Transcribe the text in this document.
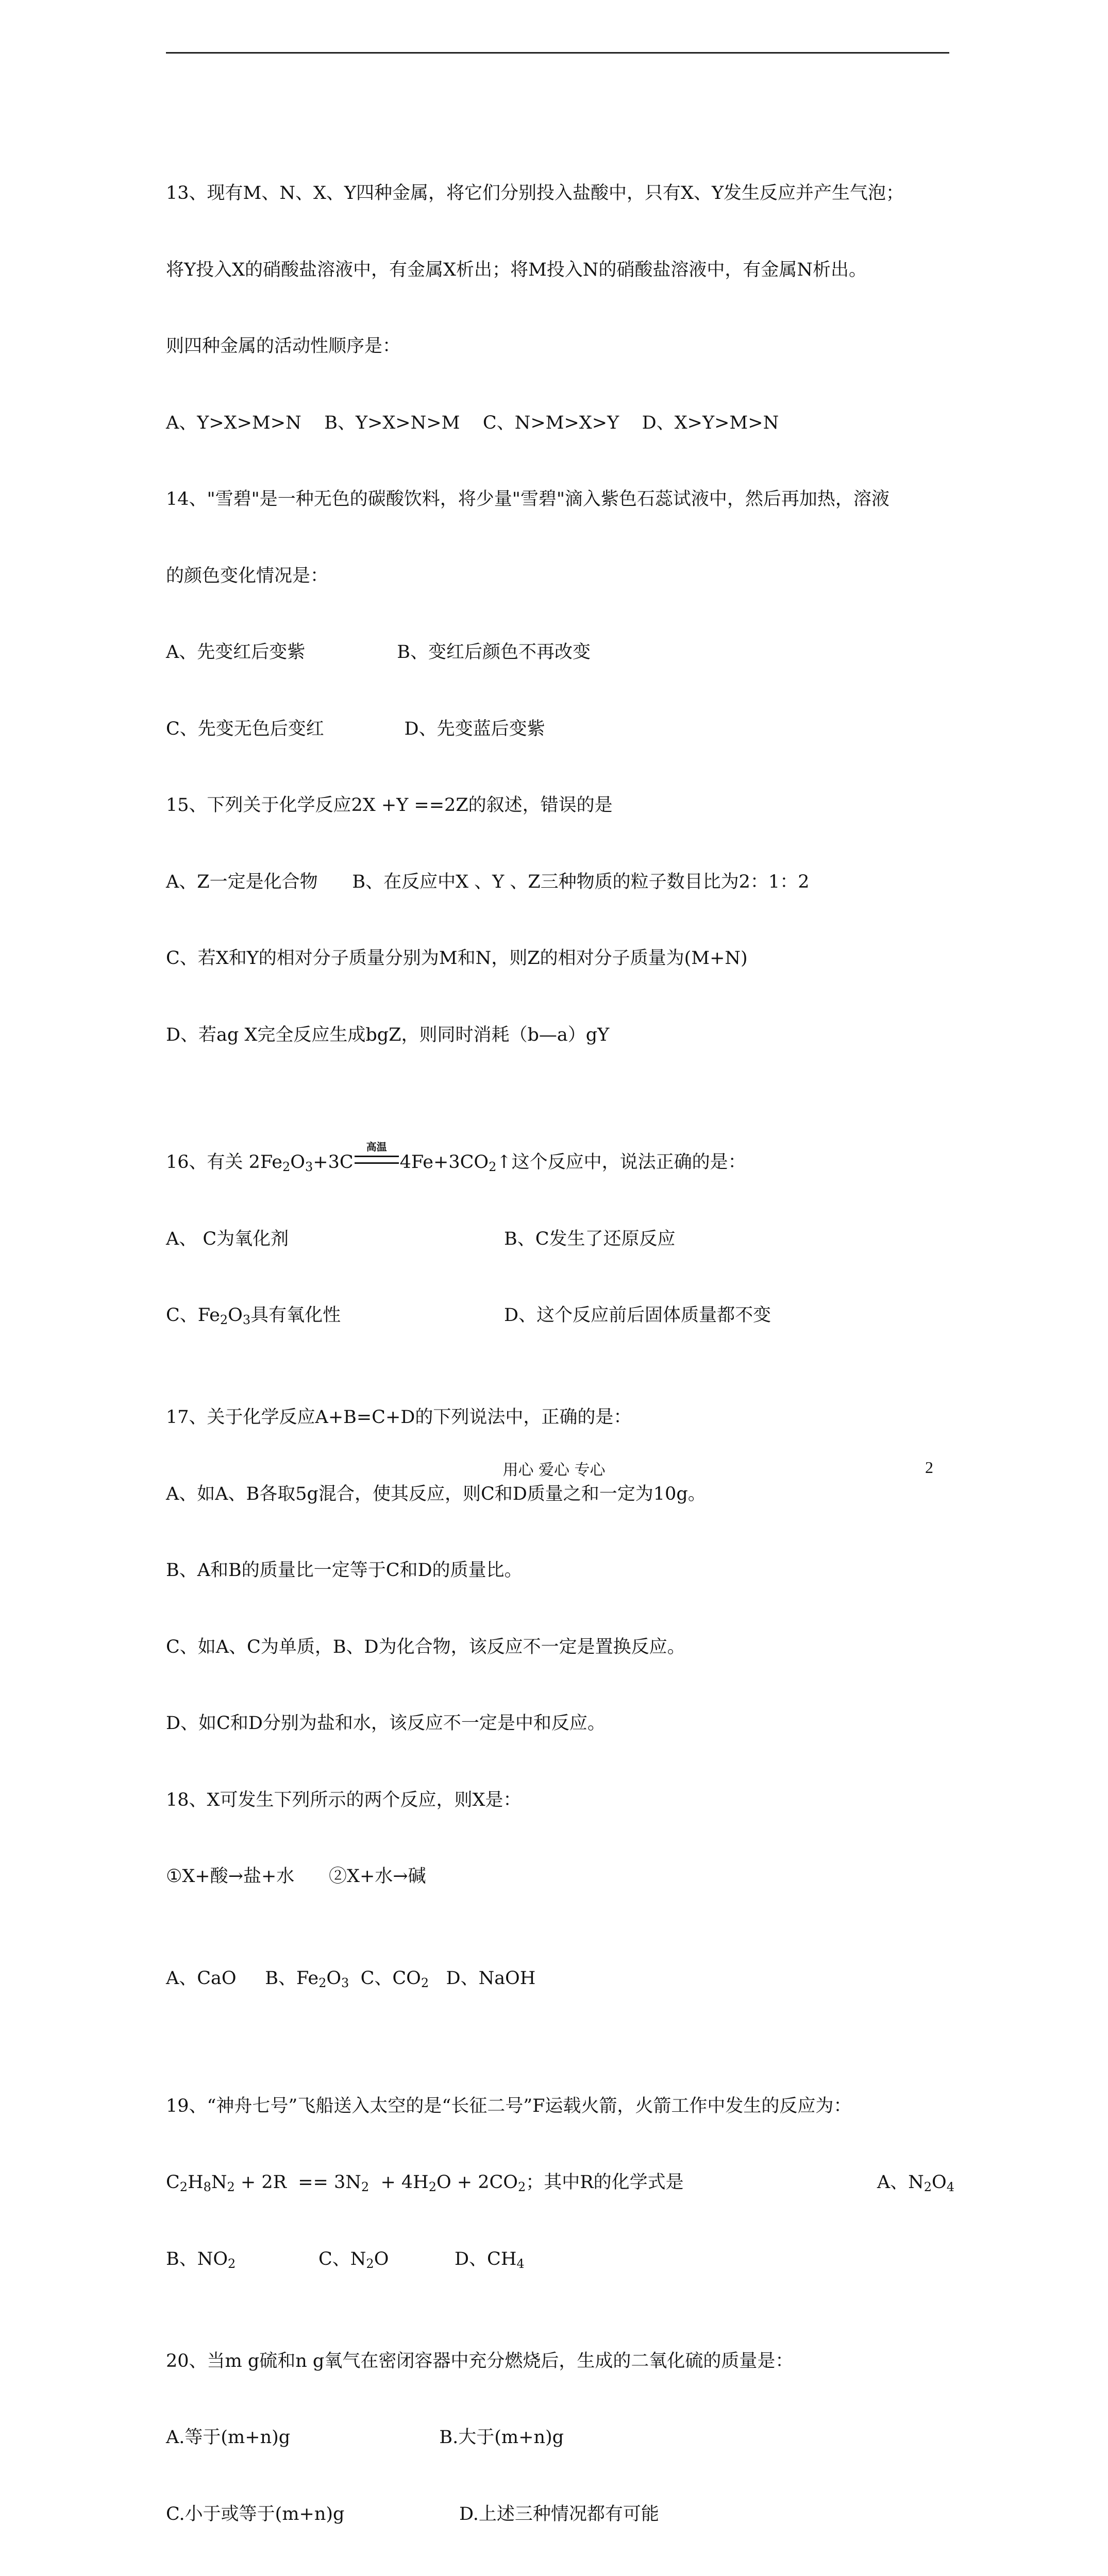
13、现有M、N、X、Y四种金属，将它们分别投入盐酸中，只有X、Y发生反应并产生气泡；

将Y投入X的硝酸盐溶液中，有金属X析出；将M投入N的硝酸盐溶液中，有金属N析出。

则四种金属的活动性顺序是：

A、Y>X>M>N    B、Y>X>N>M    C、N>M>X>Y    D、X>Y>M>N

14、"雪碧"是一种无色的碳酸饮料，将少量"雪碧"滴入紫色石蕊试液中，然后再加热，溶液

的颜色变化情况是：

A、先变红后变紫                B、变红后颜色不再改变

C、先变无色后变红              D、先变蓝后变紫

15、下列关于化学反应2X +Y ==2Z的叙述，错误的是

A、Z一定是化合物      B、在反应中X 、Y 、Z三种物质的粒子数目比为2：1：2

C、若X和Y的相对分子质量分别为M和N，则Z的相对分子质量为(M+N)

D、若ag X完全反应生成bgZ，则同时消耗（b—a）gY

16、有关 $2Fe_2O_3+3C$
高温
$4Fe+3CO_2↑$这个反应中，说法正确的是：

A、 C为氧化剂	B、C发生了还原反应

C、$Fe_2O_3$具有氧化性	D、这个反应前后固体质量都不变

17、关于化学反应A+B=C+D的下列说法中，正确的是：

A、如A、B各取5g混合，使其反应，则C和D质量之和一定为10g。

B、A和B的质量比一定等于C和D的质量比。

C、如A、C为单质，B、D为化合物，该反应不一定是置换反应。

D、如C和D分别为盐和水，该反应不一定是中和反应。

18、X可发生下列所示的两个反应，则X是：

①X+酸→盐+水      ②X+水→碱

A、CaO     B、$Fe_2O_3$  C、$CO_2$   D、NaOH

19、“神舟七号”飞船送入太空的是“长征二号”F运载火箭，火箭工作中发生的反应为：

$C_2H_8N_2 + 2R == 3N_2 + 4H_2O + 2CO_2$；其中R的化学式是	A、$N_2O_4$

B、$NO_2$	C、$N_2O$	D、$CH_4$

20、当m g硫和n g氧气在密闭容器中充分燃烧后，生成的二氧化硫的质量是：

A.等于(m+n)g                          B.大于(m+n)g

C.小于或等于(m+n)g                    D.上述三种情况都有可能

用心 爱心 专心	2
